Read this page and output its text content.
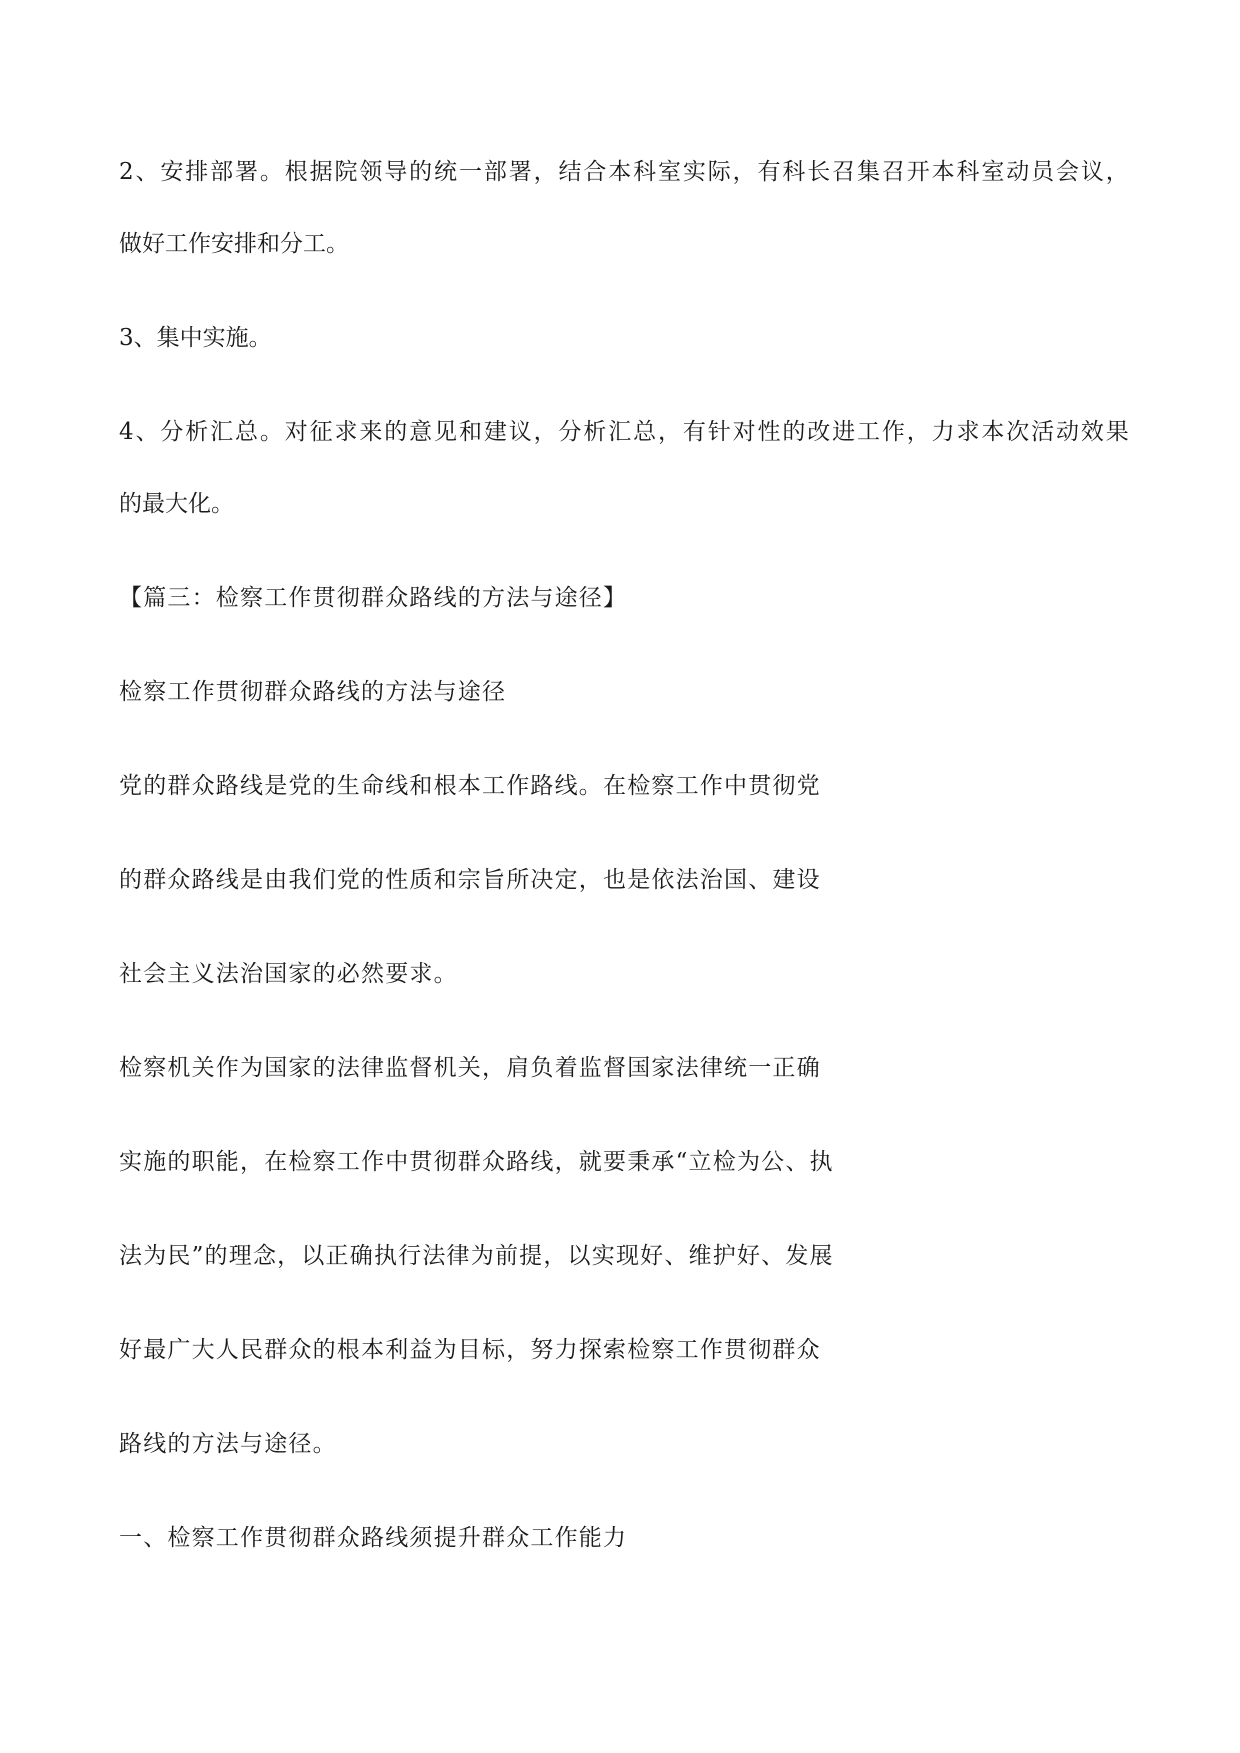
2、安排部署。根据院领导的统一部署，结合本科室实际，有科长召集召开本科室动员会议，

做好工作安排和分工。

3、集中实施。

4、分析汇总。对征求来的意见和建议，分析汇总，有针对性的改进工作，力求本次活动效果

的最大化。

【篇三：检察工作贯彻群众路线的方法与途径】

检察工作贯彻群众路线的方法与途径

党的群众路线是党的生命线和根本工作路线。在检察工作中贯彻党

的群众路线是由我们党的性质和宗旨所决定，也是依法治国、建设

社会主义法治国家的必然要求。

检察机关作为国家的法律监督机关，肩负着监督国家法律统一正确

实施的职能，在检察工作中贯彻群众路线，就要秉承“立检为公、执

法为民”的理念，以正确执行法律为前提，以实现好、维护好、发展

好最广大人民群众的根本利益为目标，努力探索检察工作贯彻群众

路线的方法与途径。

一、检察工作贯彻群众路线须提升群众工作能力
